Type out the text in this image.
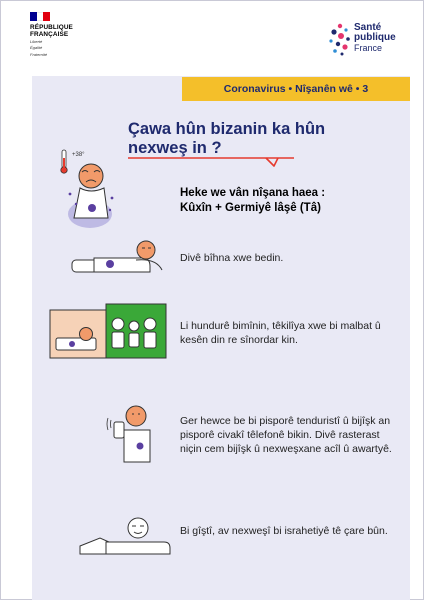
RÉPUBLIQUE
FRANÇAISE
Liberté
Égalité
Fraternité
Santé
publique
France
Coronavirus • Nîşanên wê • 3
Çawa hûn bizanin ka hûn nexweş in ?
+38°
Heke we vân nîşana haea :
Kûxîn + Germiyê lâşê (Tâ)
Divê bîhna xwe bedin.
Li hundurê bimînin, têkilîya xwe bi malbat û kesên din re sînordar kin.
Ger hewce be bi pisporê tenduristî û bijîşk an pisporê civakî têlefonê bikin. Divê rasterast niçin cem bijîşk û nexweşxane acîl û awartyê.
Bi gîştî, av nexweşî bi israhetiyê tê çare bûn.
